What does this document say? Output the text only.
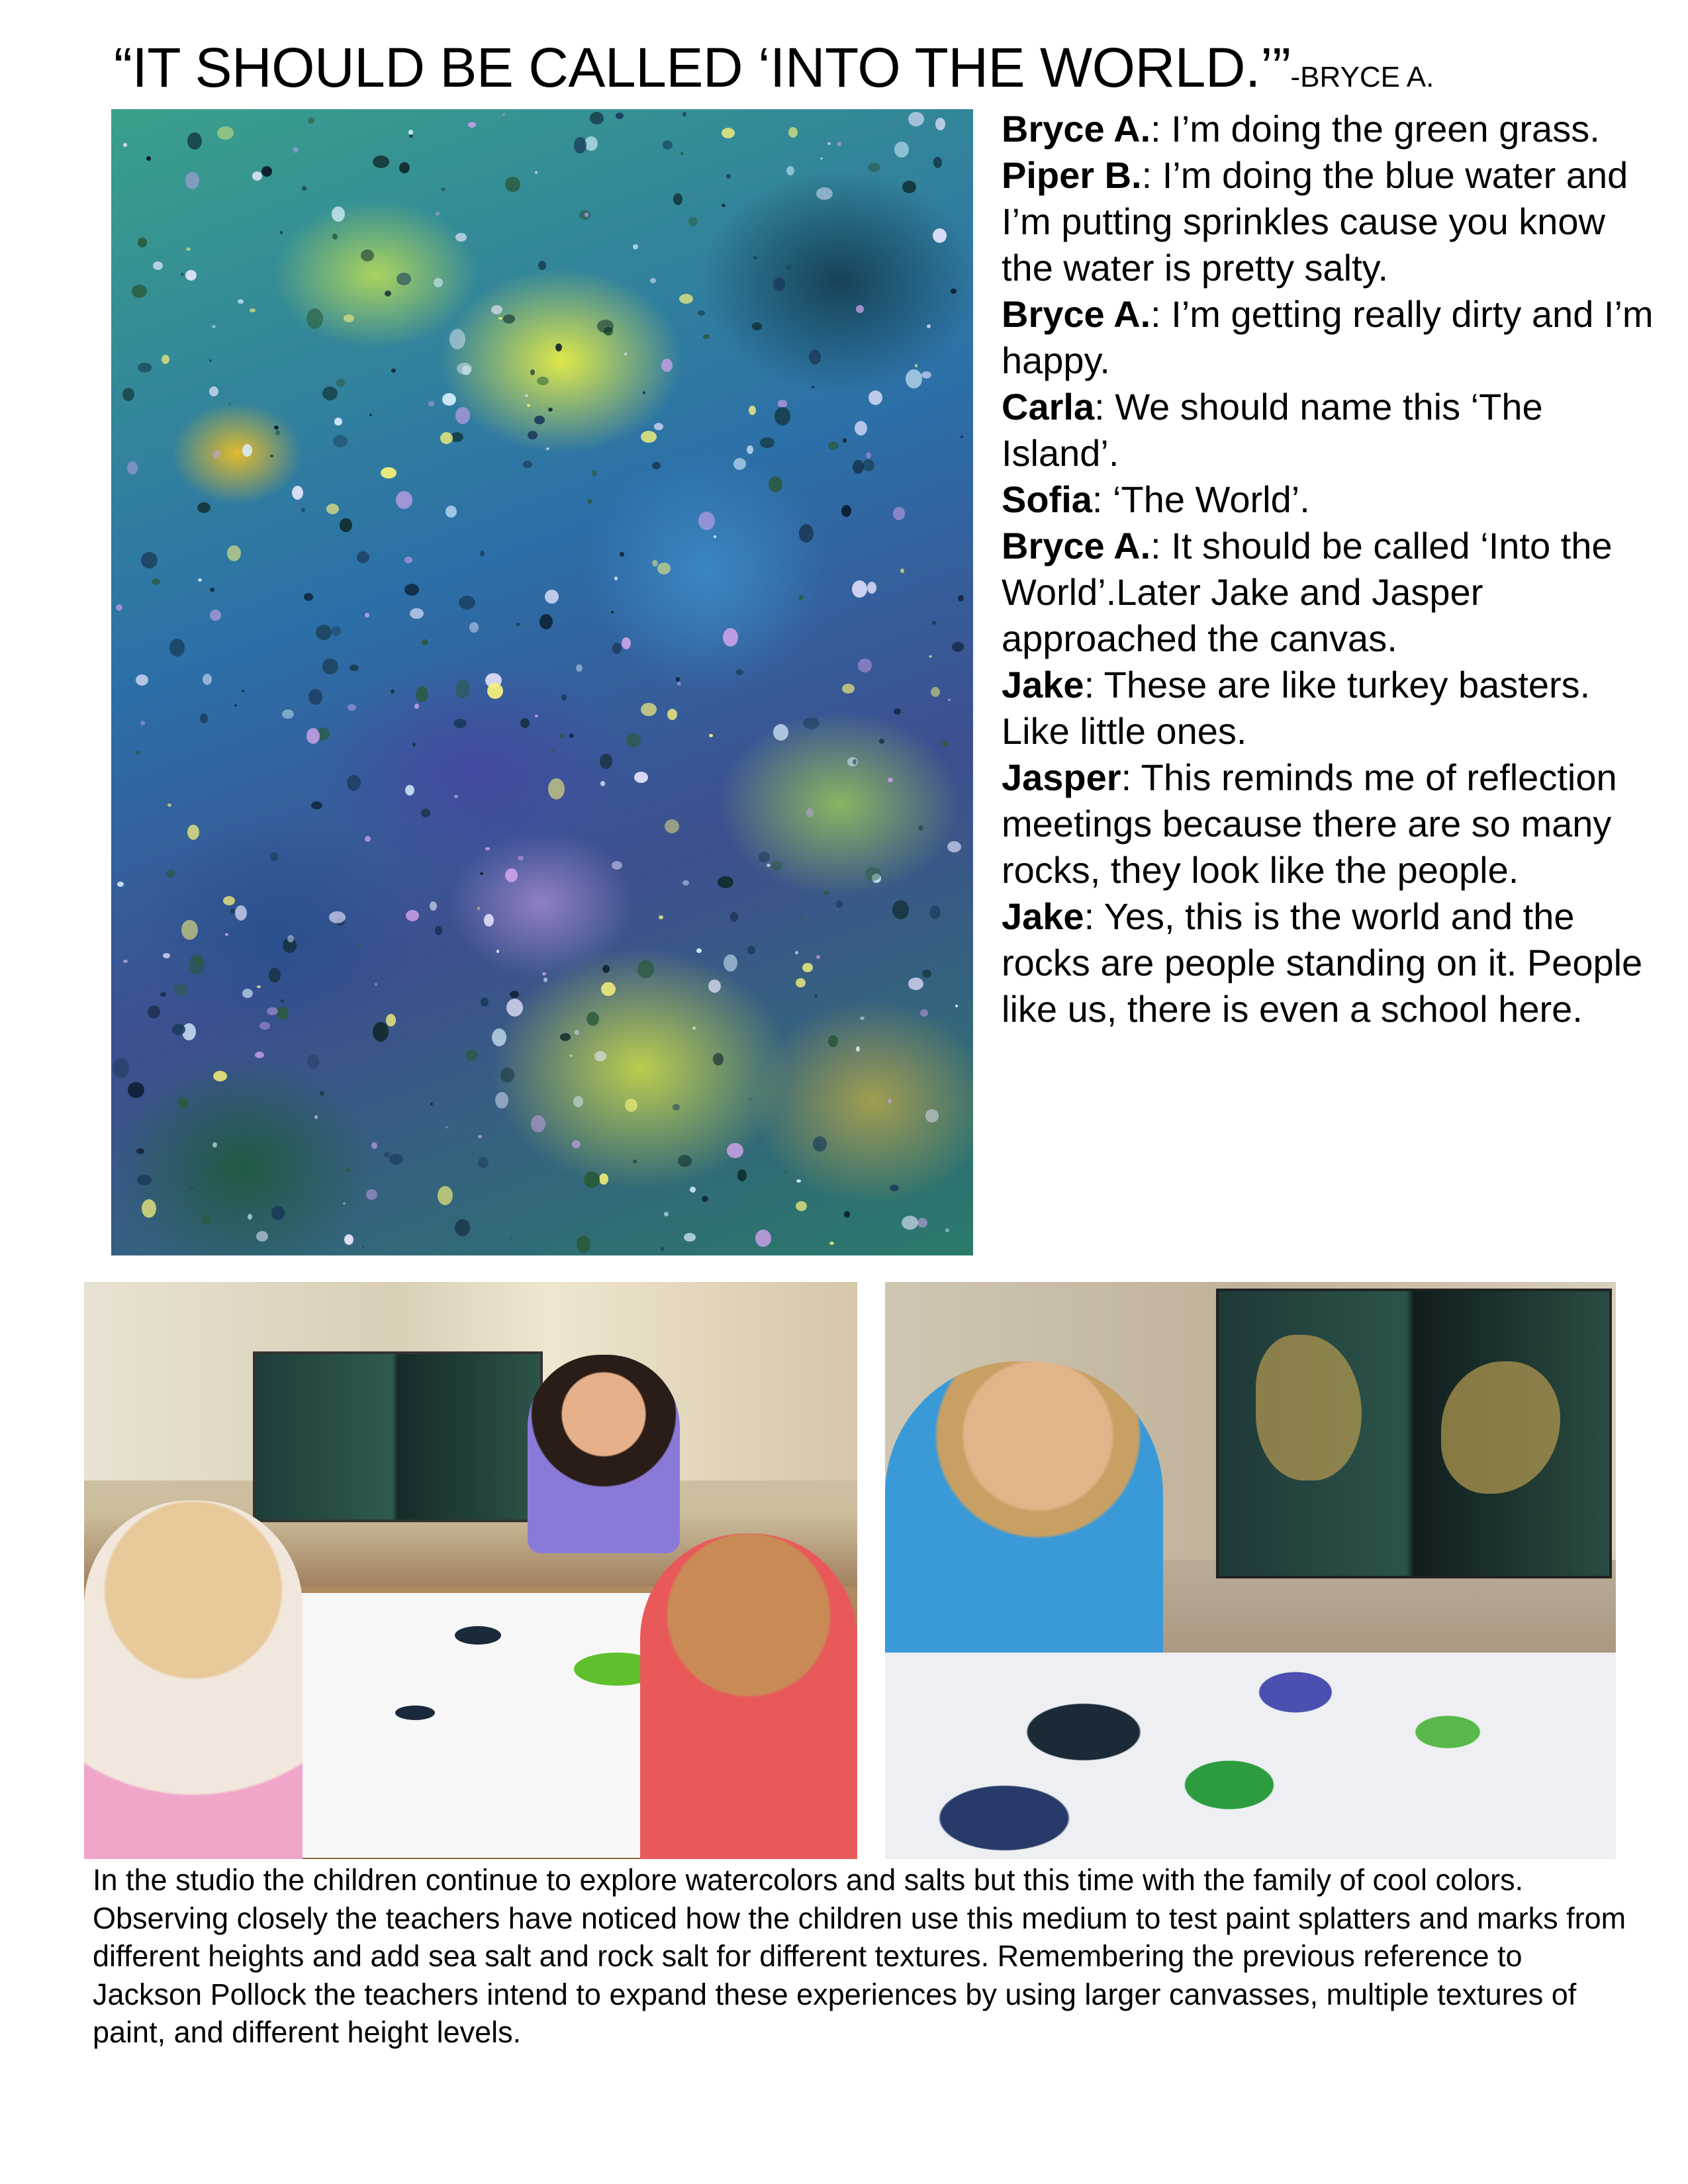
“IT SHOULD BE CALLED ‘INTO THE WORLD.’”-BRYCE A.

Bryce A.: I’m doing the green grass.

Piper B.: I’m doing the blue water and I’m putting sprinkles cause you know the water is pretty salty.

Bryce A.: I’m getting really dirty and I’m happy.

Carla: We should name this ‘The Island’.

Sofia: ‘The World’.

Bryce A.: It should be called ‘Into the World’.Later Jake and Jasper approached the canvas.

Jake: These are like turkey basters. Like little ones.

Jasper: This reminds me of reflection meetings because there are so many rocks, they look like the people.

Jake: Yes, this is the world and the rocks are people standing on it. People like us, there is even a school here.

In the studio the children continue to explore watercolors and salts but this time with the family of cool colors. Observing closely the teachers have noticed how the children use this medium to test paint splatters and marks from different heights and add sea salt and rock salt for different textures. Remembering the previous reference to Jackson Pollock the teachers intend to expand these experiences by using larger canvasses, multiple textures of paint, and different height levels.
